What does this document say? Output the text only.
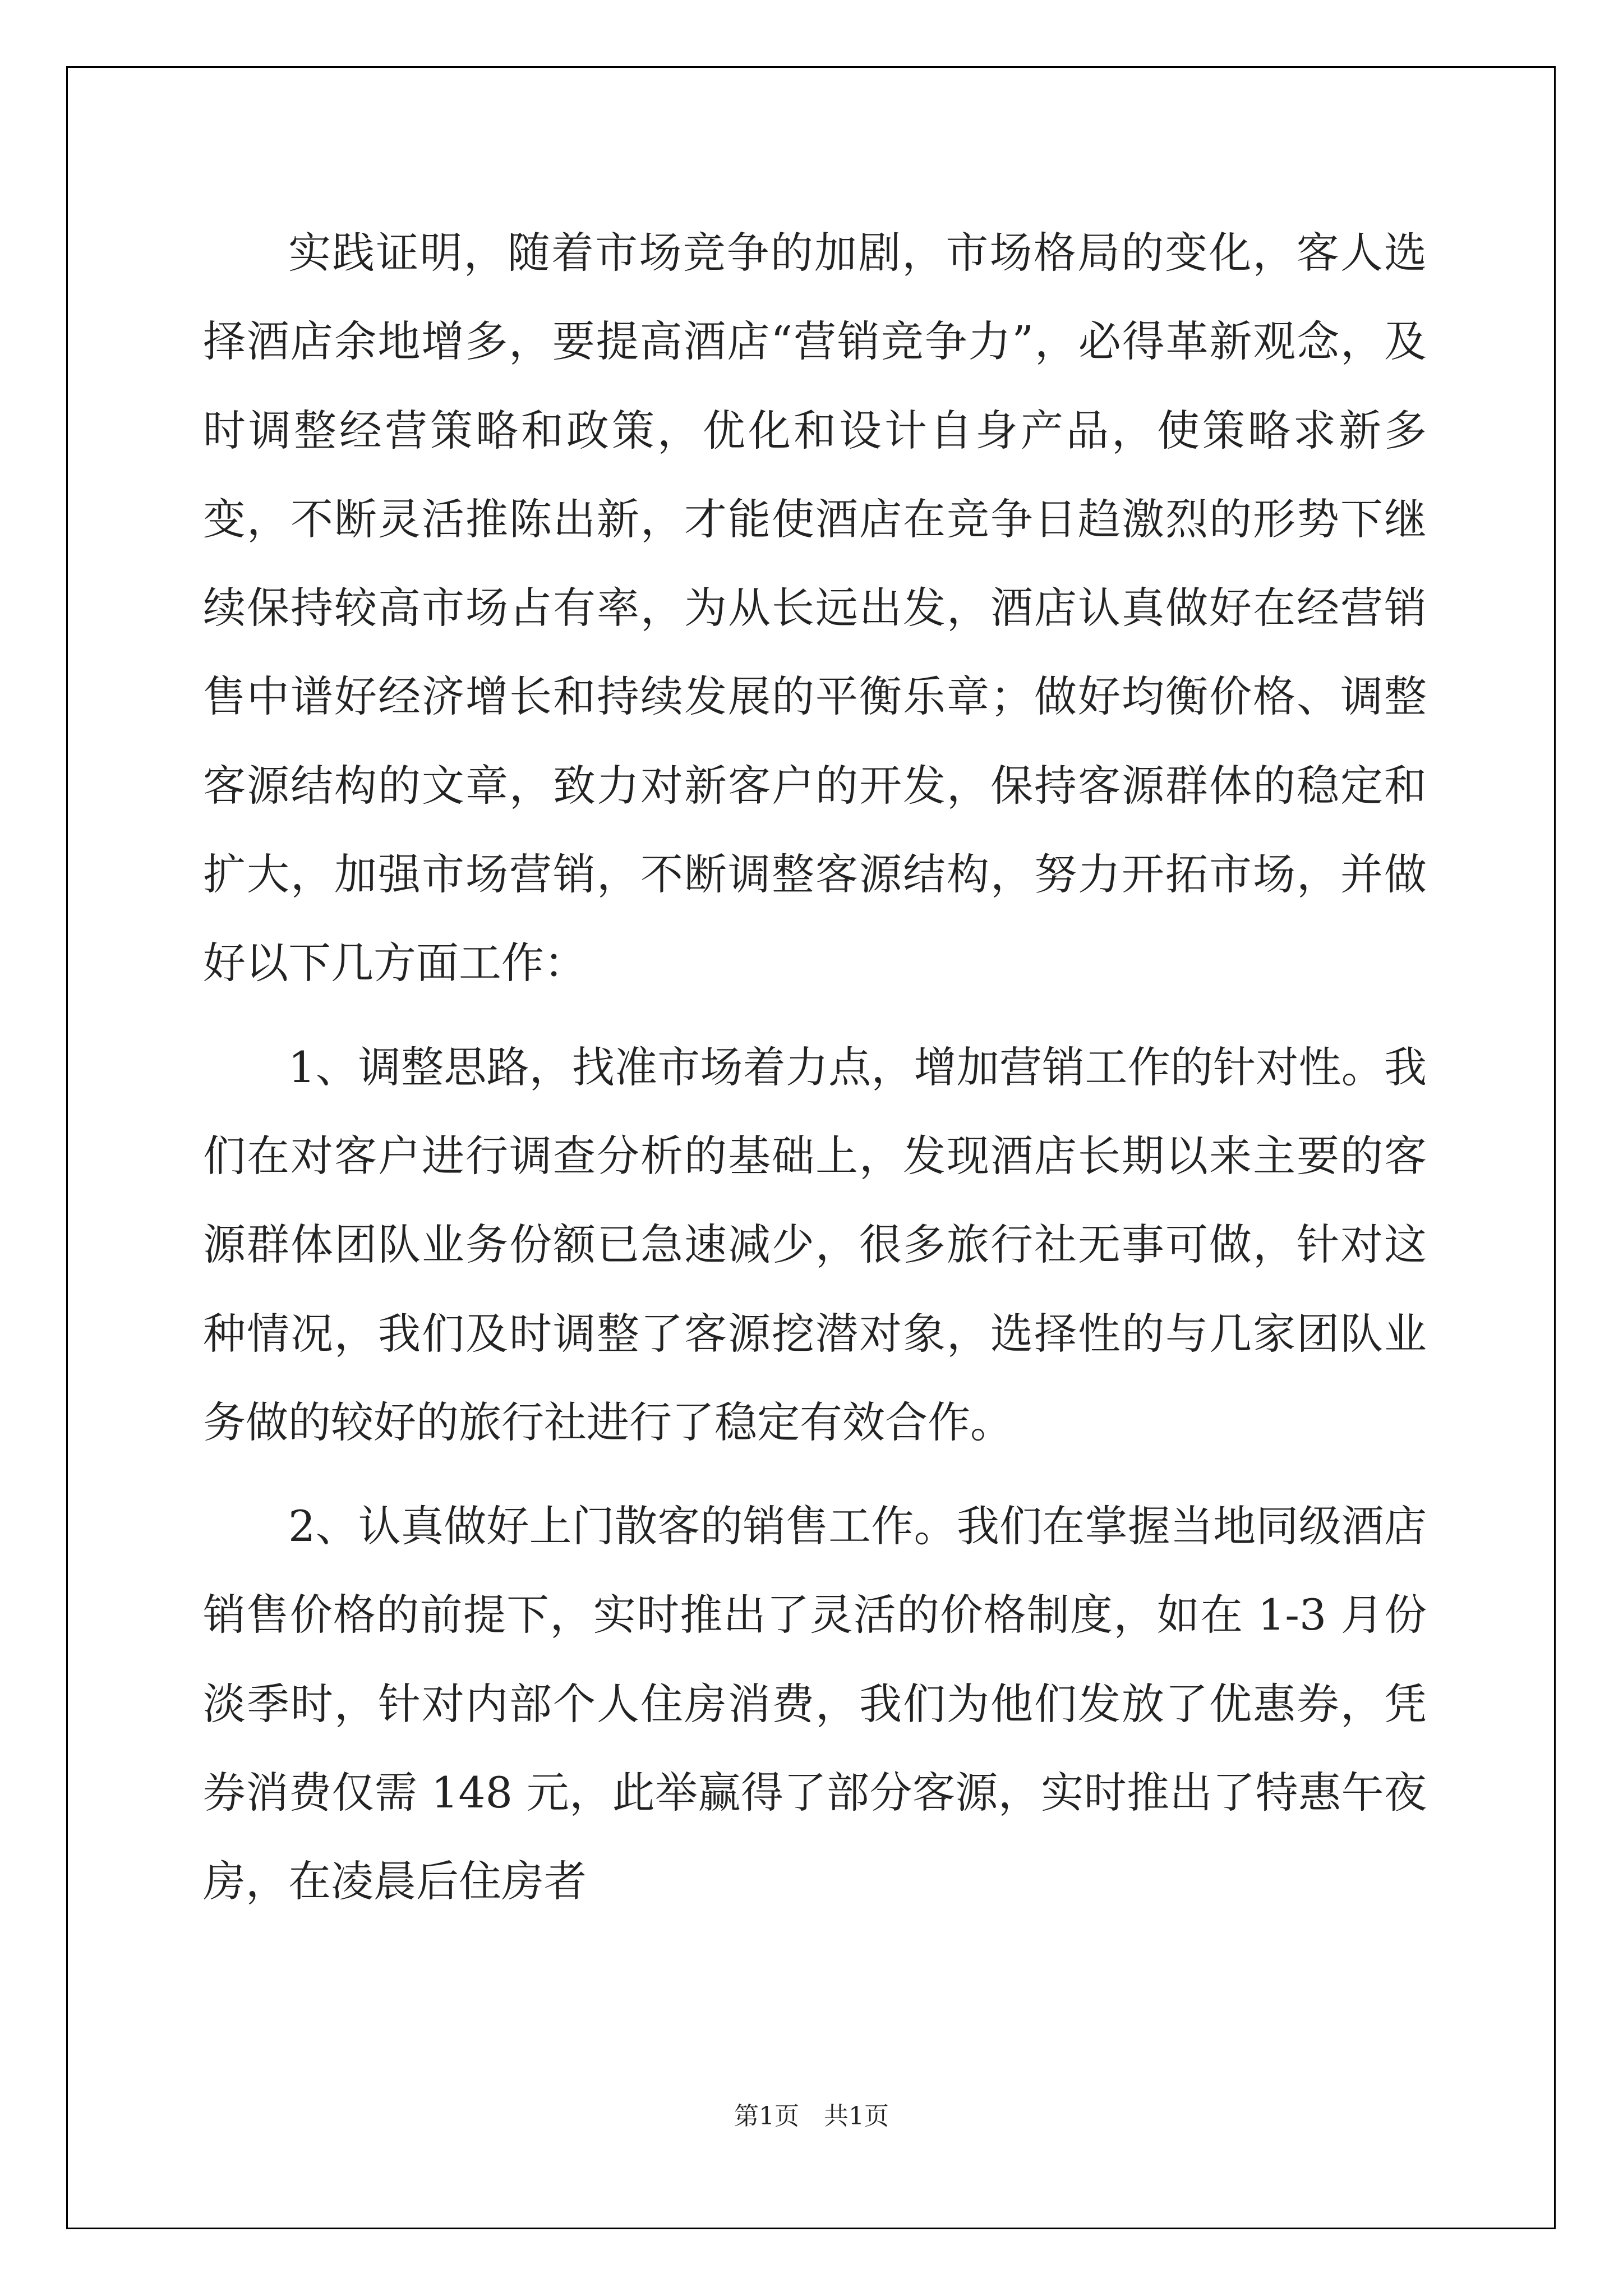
实践证明，随着市场竞争的加剧，市场格局的变化，客人选择酒店余地增多，要提高酒店“营销竞争力”，必得革新观念，及时调整经营策略和政策，优化和设计自身产品，使策略求新多变，不断灵活推陈出新，才能使酒店在竞争日趋激烈的形势下继续保持较高市场占有率，为从长远出发，酒店认真做好在经营销售中谱好经济增长和持续发展的平衡乐章；做好均衡价格、调整客源结构的文章，致力对新客户的开发，保持客源群体的稳定和扩大，加强市场营销，不断调整客源结构，努力开拓市场，并做好以下几方面工作：

1、调整思路，找准市场着力点，增加营销工作的针对性。我们在对客户进行调查分析的基础上，发现酒店长期以来主要的客源群体团队业务份额已急速减少，很多旅行社无事可做，针对这种情况，我们及时调整了客源挖潜对象，选择性的与几家团队业务做的较好的旅行社进行了稳定有效合作。

2、认真做好上门散客的销售工作。我们在掌握当地同级酒店销售价格的前提下，实时推出了灵活的价格制度，如在 1-3 月份淡季时，针对内部个人住房消费，我们为他们发放了优惠券，凭券消费仅需 148 元，此举赢得了部分客源，实时推出了特惠午夜房，在凌晨后住房者

第1页　共1页
